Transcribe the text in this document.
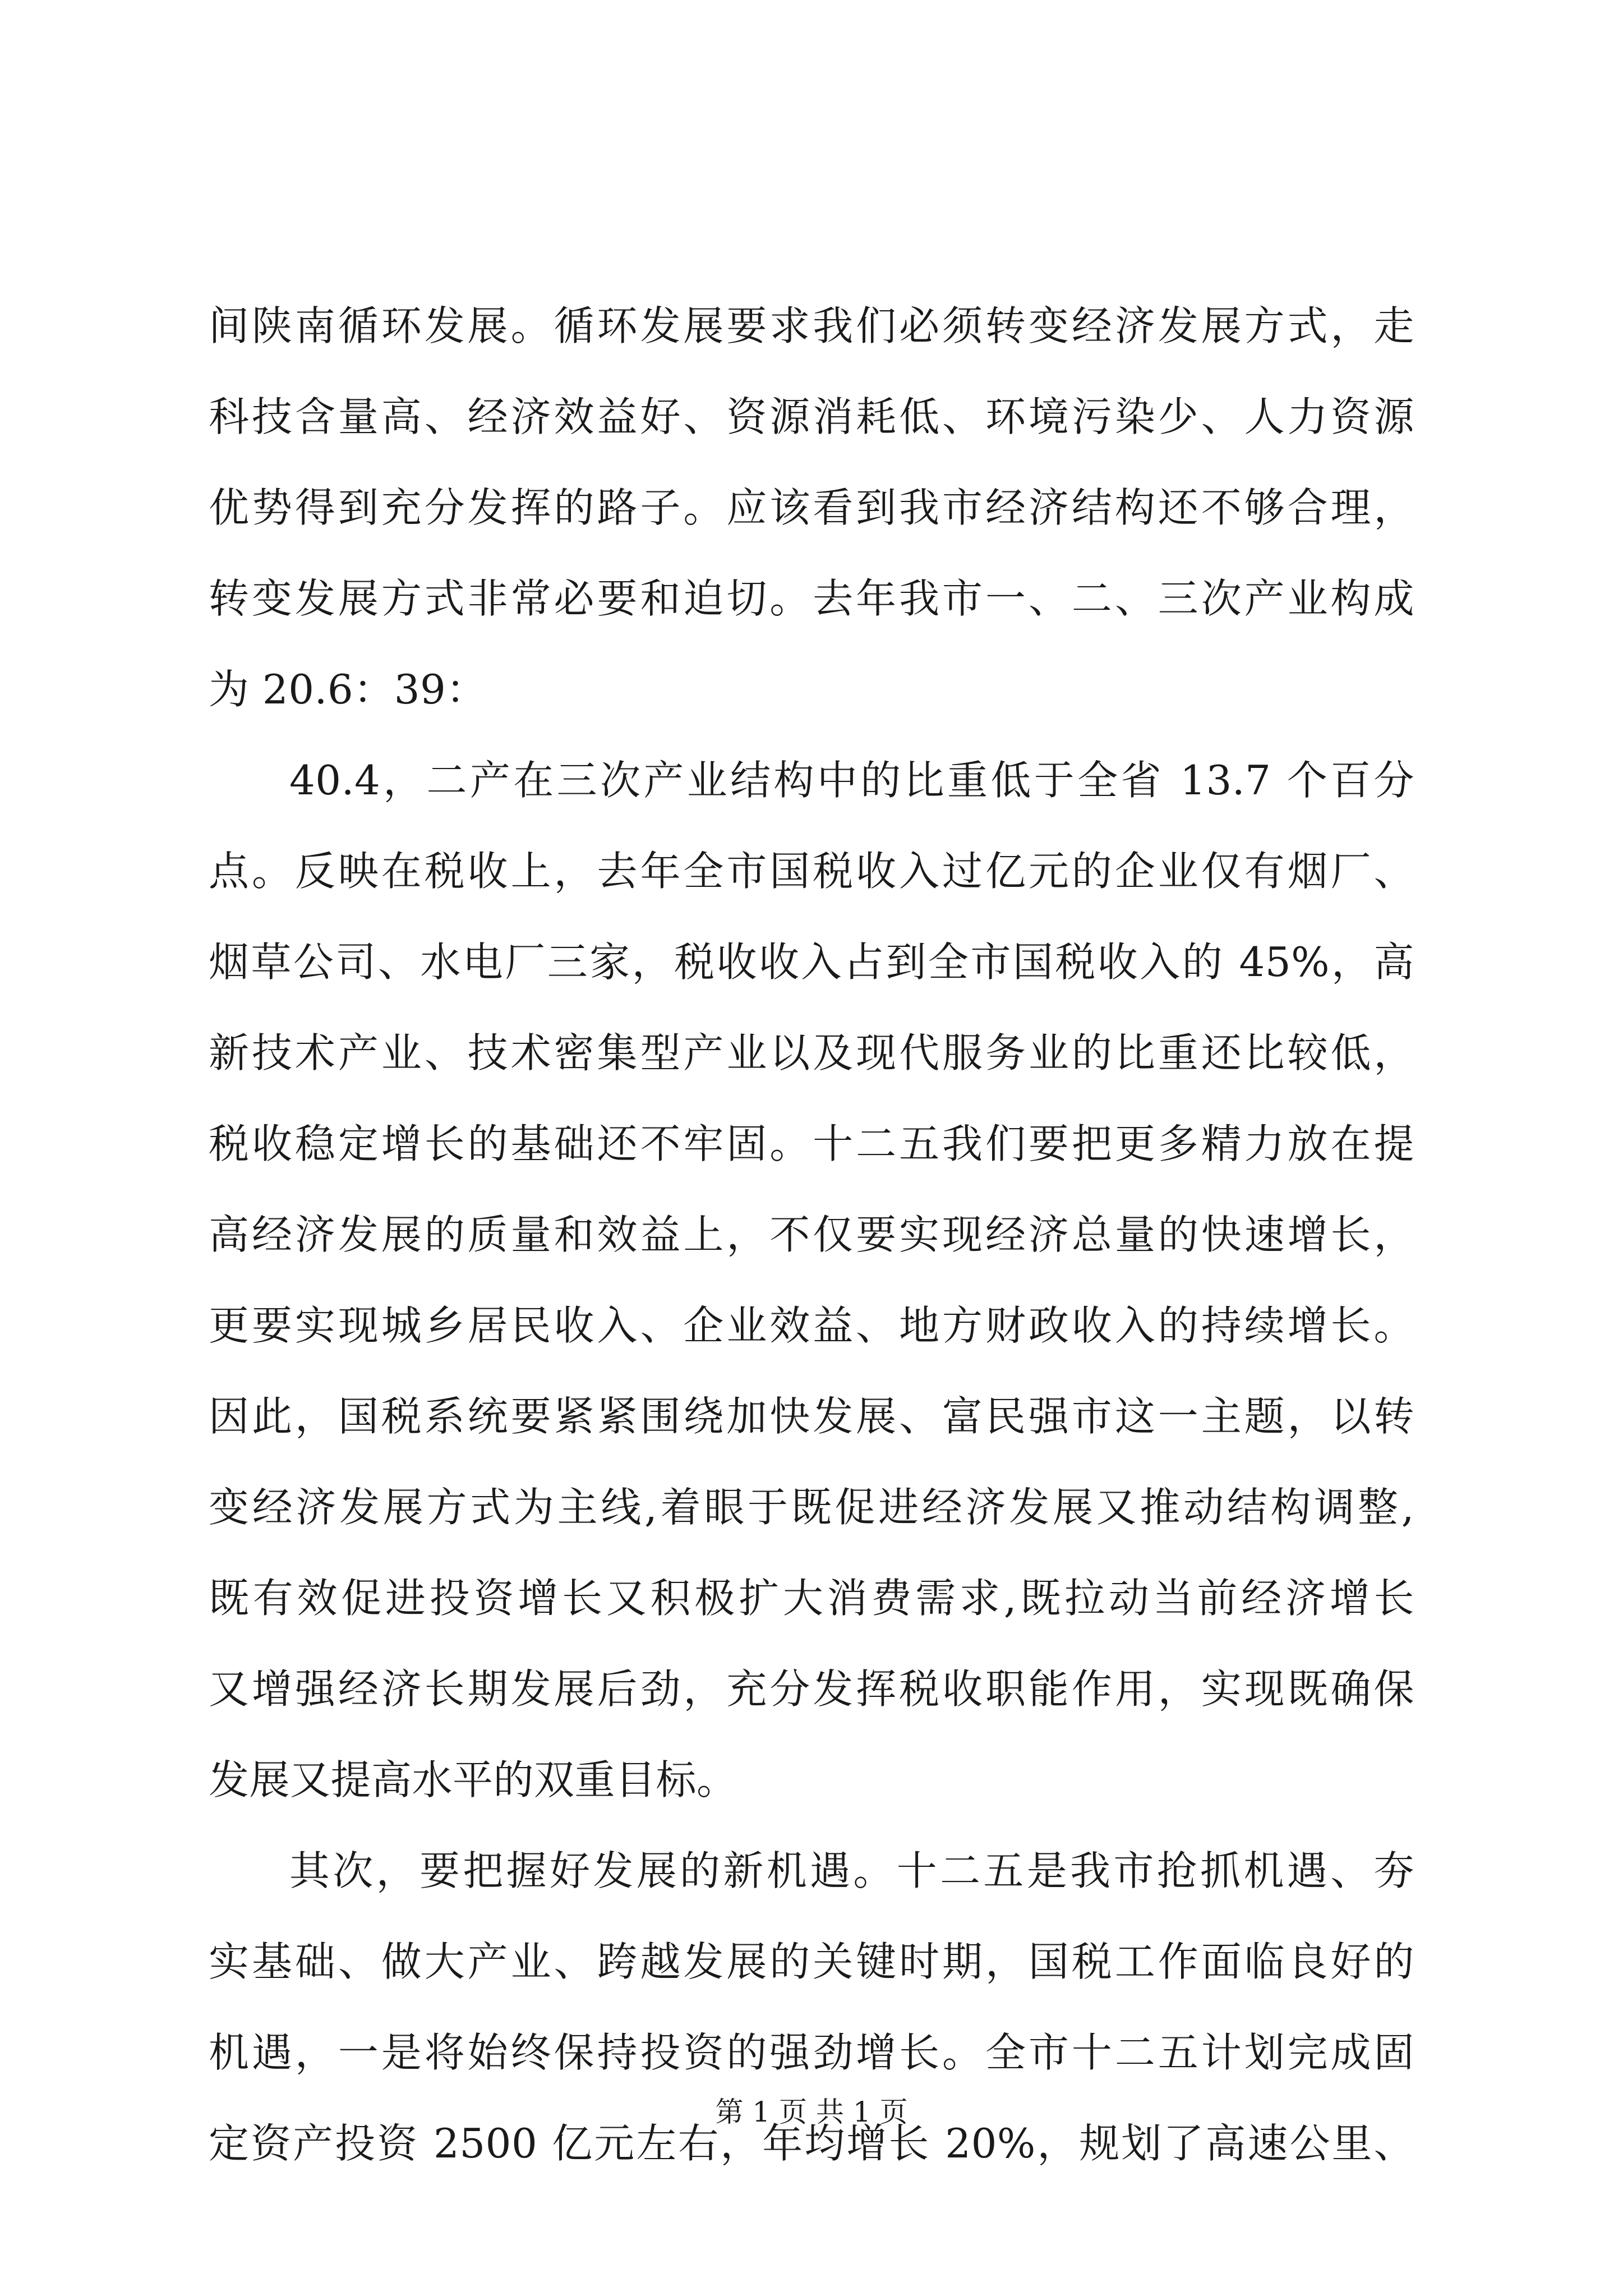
间陕南循环发展。循环发展要求我们必须转变经济发展方式，走
科技含量高、经济效益好、资源消耗低、环境污染少、人力资源
优势得到充分发挥的路子。应该看到我市经济结构还不够合理，
转变发展方式非常必要和迫切。去年我市一、二、三次产业构成
为 20.6：39：
40.4，二产在三次产业结构中的比重低于全省 13.7 个百分
点。反映在税收上，去年全市国税收入过亿元的企业仅有烟厂、
烟草公司、水电厂三家，税收收入占到全市国税收入的 45%，高
新技术产业、技术密集型产业以及现代服务业的比重还比较低，
税收稳定增长的基础还不牢固。十二五我们要把更多精力放在提
高经济发展的质量和效益上，不仅要实现经济总量的快速增长，
更要实现城乡居民收入、企业效益、地方财政收入的持续增长。
因此，国税系统要紧紧围绕加快发展、富民强市这一主题，以转
变经济发展方式为主线,着眼于既促进经济发展又推动结构调整,
既有效促进投资增长又积极扩大消费需求,既拉动当前经济增长
又增强经济长期发展后劲，充分发挥税收职能作用，实现既确保
发展又提高水平的双重目标。
其次，要把握好发展的新机遇。十二五是我市抢抓机遇、夯
实基础、做大产业、跨越发展的关键时期，国税工作面临良好的
机遇，一是将始终保持投资的强劲增长。全市十二五计划完成固
定资产投资 2500 亿元左右，年均增长 20%，规划了高速公里、
第 1 页 共 1 页
